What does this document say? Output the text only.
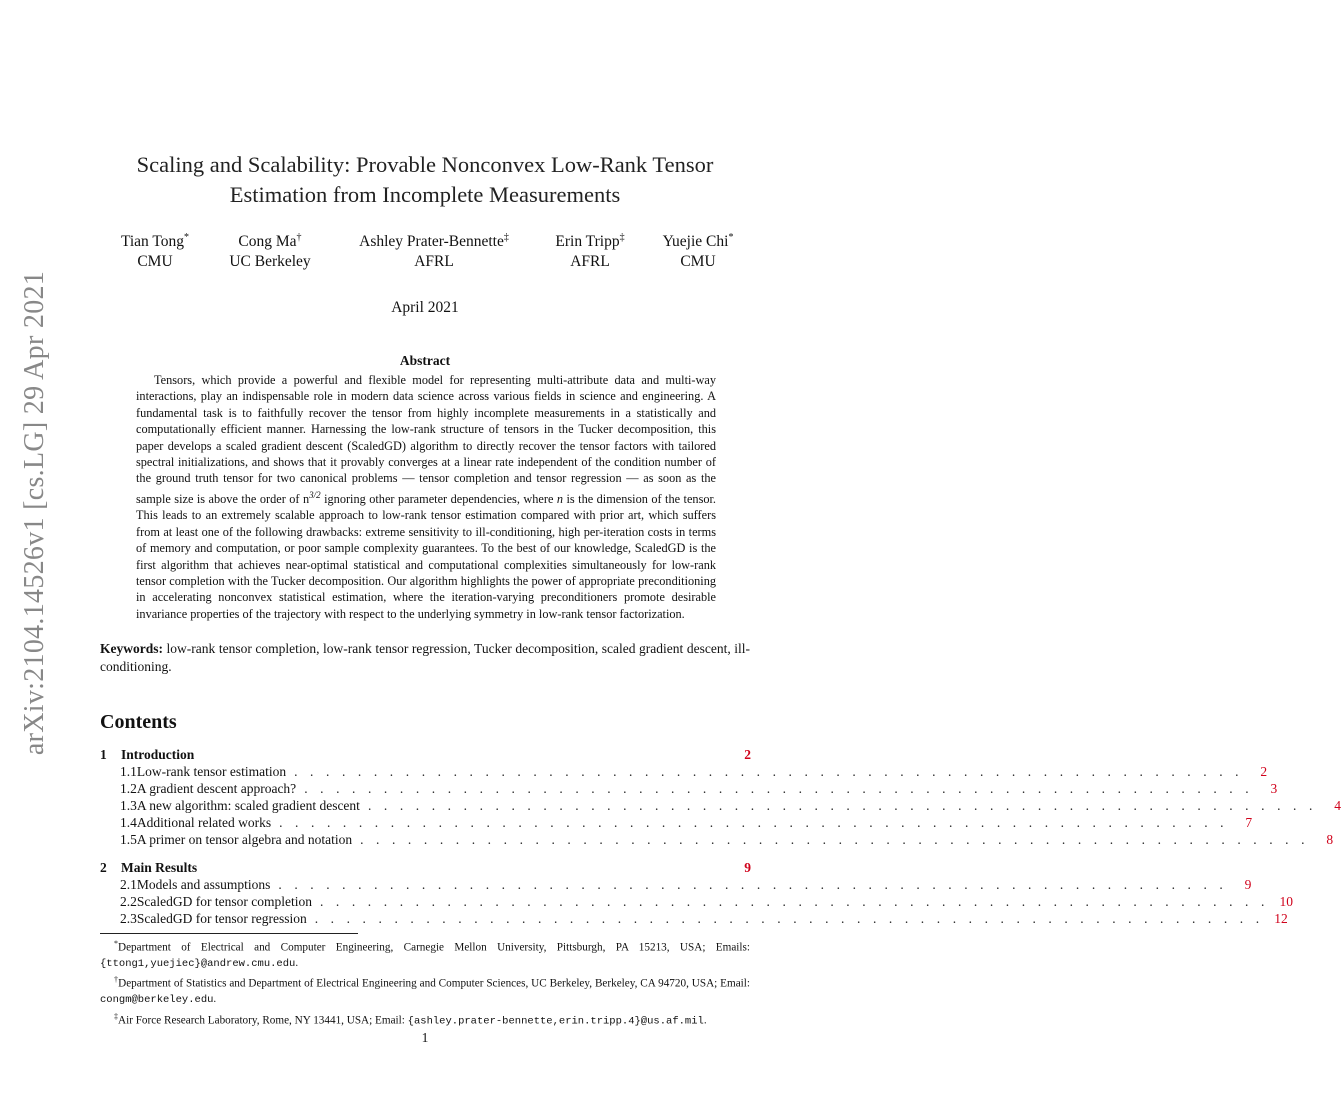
arXiv:2104.14526v1 [cs.LG] 29 Apr 2021
Scaling and Scalability: Provable Nonconvex Low-Rank Tensor
Estimation from Incomplete Measurements
Tian Tong*
CMU
Cong Ma†
UC Berkeley
Ashley Prater-Bennette‡
AFRL
Erin Tripp‡
AFRL
Yuejie Chi*
CMU
April 2021
Abstract
Tensors, which provide a powerful and flexible model for representing multi-attribute data and multi-way interactions, play an indispensable role in modern data science across various fields in science and engineering. A fundamental task is to faithfully recover the tensor from highly incomplete measurements in a statistically and computationally efficient manner. Harnessing the low-rank structure of tensors in the Tucker decomposition, this paper develops a scaled gradient descent (ScaledGD) algorithm to directly recover the tensor factors with tailored spectral initializations, and shows that it provably converges at a linear rate independent of the condition number of the ground truth tensor for two canonical problems — tensor completion and tensor regression — as soon as the sample size is above the order of $n^{3/2}$ ignoring other parameter dependencies, where n is the dimension of the tensor. This leads to an extremely scalable approach to low-rank tensor estimation compared with prior art, which suffers from at least one of the following drawbacks: extreme sensitivity to ill-conditioning, high per-iteration costs in terms of memory and computation, or poor sample complexity guarantees. To the best of our knowledge, ScaledGD is the first algorithm that achieves near-optimal statistical and computational complexities simultaneously for low-rank tensor completion with the Tucker decomposition. Our algorithm highlights the power of appropriate preconditioning in accelerating nonconvex statistical estimation, where the iteration-varying preconditioners promote desirable invariance properties of the trajectory with respect to the underlying symmetry in low-rank tensor factorization.
Keywords: low-rank tensor completion, low-rank tensor regression, Tucker decomposition, scaled gradient descent, ill-conditioning.
Contents
1	Introduction	2
1.1 Low-rank tensor estimation . . . . . . . . . . . . . . . . . . . . . . . . . . . . . . . . . . . . . . . . . . . . . . . . . . . . . . . . . . . .	2
1.2 A gradient descent approach? . . . . . . . . . . . . . . . . . . . . . . . . . . . . . . . . . . . . . . . . . . . . . . . . . . . . . . . . . . . .	3
1.3 A new algorithm: scaled gradient descent . . . . . . . . . . . . . . . . . . . . . . . . . . . . . . . . . . . . . . . . . . . . . . . . . . . . . . . . . . . .	4
1.4 Additional related works . . . . . . . . . . . . . . . . . . . . . . . . . . . . . . . . . . . . . . . . . . . . . . . . . . . . . . . . . . . .	7
1.5 A primer on tensor algebra and notation . . . . . . . . . . . . . . . . . . . . . . . . . . . . . . . . . . . . . . . . . . . . . . . . . . . . . . . . . . . .	8
2	Main Results	9
2.1 Models and assumptions . . . . . . . . . . . . . . . . . . . . . . . . . . . . . . . . . . . . . . . . . . . . . . . . . . . . . . . . . . . .	9
2.2 ScaledGD for tensor completion . . . . . . . . . . . . . . . . . . . . . . . . . . . . . . . . . . . . . . . . . . . . . . . . . . . . . . . . . . . . 10
2.3 ScaledGD for tensor regression . . . . . . . . . . . . . . . . . . . . . . . . . . . . . . . . . . . . . . . . . . . . . . . . . . . . . . . . . . . . 12

*Department of Electrical and Computer Engineering, Carnegie Mellon University, Pittsburgh, PA 15213, USA; Emails: {ttong1,yuejiec}@andrew.cmu.edu.

†Department of Statistics and Department of Electrical Engineering and Computer Sciences, UC Berkeley, Berkeley, CA 94720, USA; Email: congm@berkeley.edu.

‡Air Force Research Laboratory, Rome, NY 13441, USA; Email: {ashley.prater-bennette,erin.tripp.4}@us.af.mil.

1
